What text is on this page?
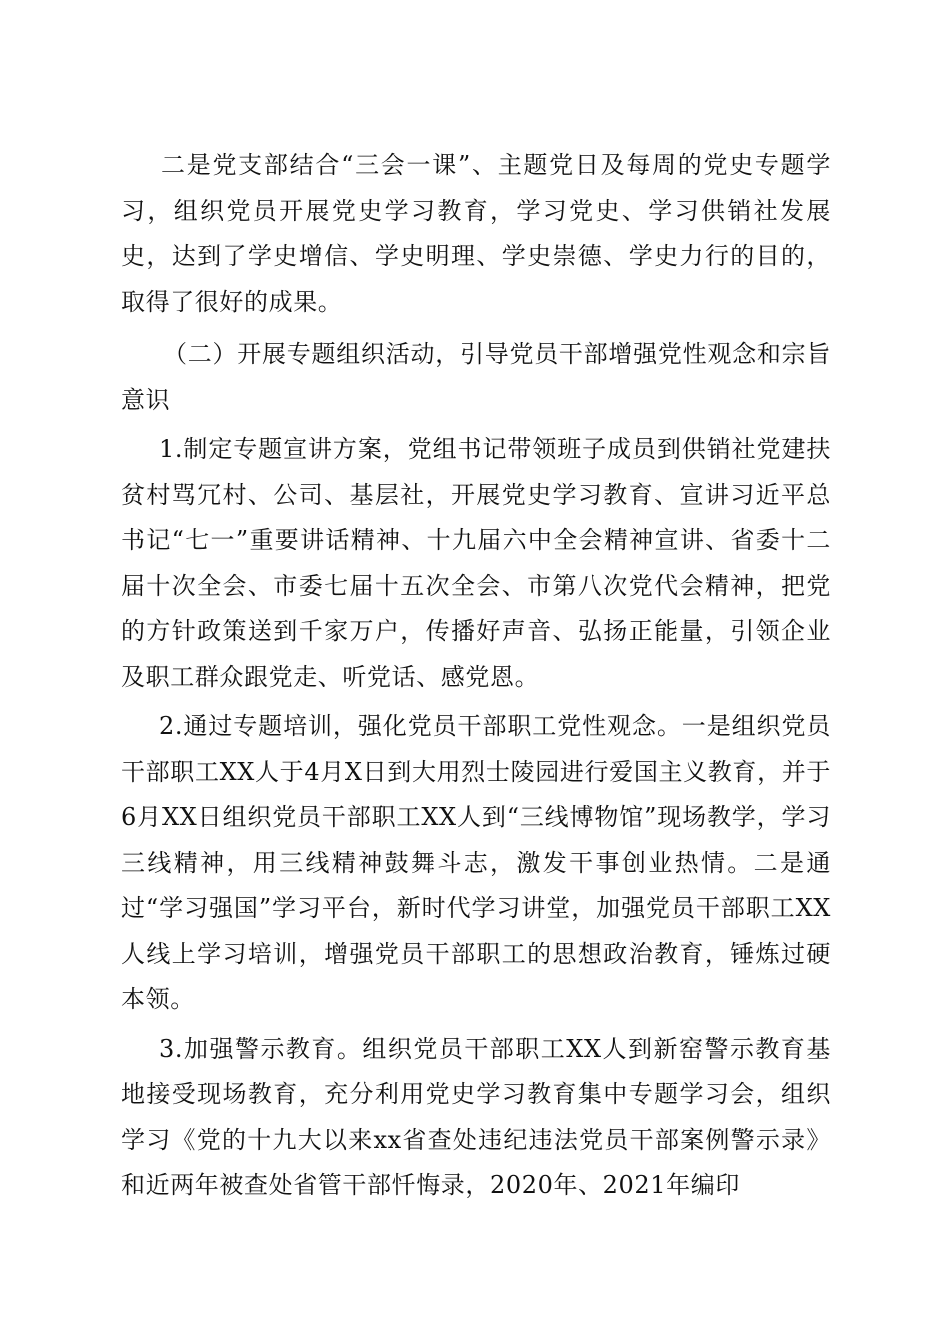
二是党支部结合“三会一课”、主题党日及每周的党史专题学习，组织党员开展党史学习教育，学习党史、学习供销社发展史，达到了学史增信、学史明理、学史崇德、学史力行的目的，取得了很好的成果。

（二）开展专题组织活动，引导党员干部增强党性观念和宗旨意识

1.制定专题宣讲方案，党组书记带领班子成员到供销社党建扶贫村骂冗村、公司、基层社，开展党史学习教育、宣讲习近平总书记“七一”重要讲话精神、十九届六中全会精神宣讲、省委十二届十次全会、市委七届十五次全会、市第八次党代会精神，把党的方针政策送到千家万户，传播好声音、弘扬正能量，引领企业及职工群众跟党走、听党话、感党恩。

2.通过专题培训，强化党员干部职工党性观念。一是组织党员干部职工XX人于4月X日到大用烈士陵园进行爱国主义教育，并于6月XX日组织党员干部职工XX人到“三线博物馆”现场教学，学习三线精神，用三线精神鼓舞斗志，激发干事创业热情。二是通过“学习强国”学习平台，新时代学习讲堂，加强党员干部职工XX人线上学习培训，增强党员干部职工的思想政治教育，锤炼过硬本领。

3.加强警示教育。组织党员干部职工XX人到新窑警示教育基地接受现场教育，充分利用党史学习教育集中专题学习会，组织学习《党的十九大以来xx省查处违纪违法党员干部案例警示录》和近两年被查处省管干部忏悔录，2020年、2021年编印
